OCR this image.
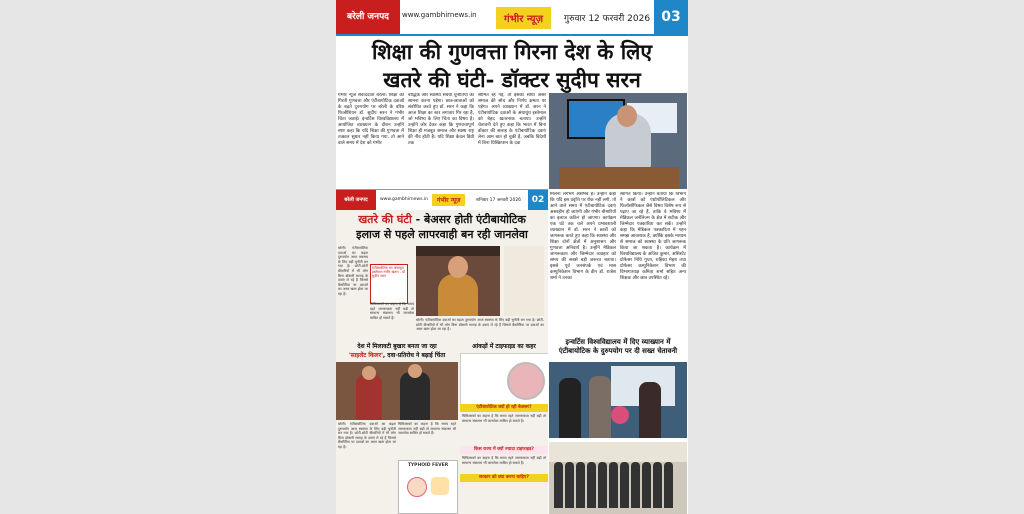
बरेली जनपद	www.gambhirnews.in	गंभीर न्यूज़	गुरुवार 12 फरवरी 2026 03
शिक्षा की गुणवत्ता गिरना देश के लिए
खतरे की घंटी- डॉक्टर सुदीप सरन
गंभीर न्यूज संवाददाता बरेली। शिक्षा की गिरती गुणवत्ता और एंटीबायोटिक दवाओं के बढ़ते दुरुपयोग पर बरेली के वरिष्ठ फिजीशियन डॉ. सुदीप सरन ने गंभीर चिंता जताई। इन्वर्टिस विश्वविद्यालय में आयोजित व्याख्यान के दौरान उन्होंने स्पष्ट कहा कि यदि शिक्षा की गुणवत्ता में तत्काल सुधार नहीं किया गया, तो आने वाले समय में देश को गंभीर
बौद्धिक और स्वास्थ्य संबंधी चुनौतियों का सामना करना पड़ेगा। छात्र-छात्राओं को संबोधित करते हुए डॉ. सरन ने कहा कि आज शिक्षा का स्तर लगातार गिर रहा है, जो भविष्य के लिए चिंता का विषय है। उन्होंने जोर देकर कहा कि गुणवत्तापूर्ण शिक्षा ही मजबूत समाज और स्वस्थ राष्ट्र की नींव होती है। यदि शिक्षा केवल डिग्री तक
सीमित रह गई, तो इसका सीधा असर समाज की सोच और निर्णय क्षमता पर पड़ेगा। अपने व्याख्यान में डॉ. सरन ने एंटीबायोटिक दवाओं के अंधाधुंध इस्तेमाल को बेहद खतरनाक बताया। उन्होंने चेतावनी देते हुए कहा कि भारत में बिना डॉक्टर की सलाह के एंटीबायोटिक दवाएं लेना आम बात हो चुकी है, जबकि विदेशों में बिना प्रिस्क्रिप्शन के दवा
बरेली जनपद	www.gambhirnews.in	गंभीर न्यूज़	शनिवार 17 जनवरी 2026	02
खतरे की घंटी - बेअसर होती एंटीबायोटिक
इलाज से पहले लापरवाही बन रही जानलेवा
बरेली। एंटीबायोटिक दवाओं का बढ़ता दुरुपयोग आज स्वास्थ्य के लिए बड़ी चुनौती बन गया है। छोटी-छोटी बीमारियों में भी लोग बिना डॉक्टरी सलाह के दवाएं ले रहे हैं जिससे बैक्टीरिया पर दवाओं का असर खत्म होता जा रहा है।
एंटीबायोटिक का अंधाधुंध इस्तेमाल गंभीर खतरा - डॉ सुदीप सरन
चिकित्सकों का कहना है कि समय रहते जागरूकता नहीं बढ़ी तो सामान्य संक्रमण भी जानलेवा साबित हो सकते हैं।
बरेली। एंटीबायोटिक दवाओं का बढ़ता दुरुपयोग आज स्वास्थ्य के लिए बड़ी चुनौती बन गया है। छोटी-छोटी बीमारियों में भी लोग बिना डॉक्टरी सलाह के दवाएं ले रहे हैं जिससे बैक्टीरिया पर दवाओं का असर खत्म होता जा रहा है।
देश में मिलावटी बुखार बनता जा रहा
'साइलेंट किलर', दवा-प्रतिरोध ने बढ़ाई चिंता
आंकड़ों में टाइफाइड का कहर
एंटीबायोटिक क्यों हो रही बेअसर?
चिकित्सकों का कहना है कि समय रहते जागरूकता नहीं बढ़ी तो सामान्य संक्रमण भी जानलेवा साबित हो सकते हैं।
किस राज्य में क्यों ज्यादा टाइफाइड?
चिकित्सकों का कहना है कि समय रहते जागरूकता नहीं बढ़ी तो सामान्य संक्रमण भी जानलेवा साबित हो सकते हैं।
सरकार को क्या करना चाहिए?
बरेली। एंटीबायोटिक दवाओं का बढ़ता दुरुपयोग आज स्वास्थ्य के लिए बड़ी चुनौती बन गया है। छोटी-छोटी बीमारियों में भी लोग बिना डॉक्टरी सलाह के दवाएं ले रहे हैं जिससे बैक्टीरिया पर दवाओं का असर खत्म होता जा रहा है।
चिकित्सकों का कहना है कि समय रहते जागरूकता नहीं बढ़ी तो सामान्य संक्रमण भी जानलेवा साबित हो सकते हैं।
TYPHOID FEVER
मिलना लगभग असंभव है। उन्होंने कहा कि यदि इस प्रवृत्ति पर रोक नहीं लगी, तो आने वाले समय में एंटीबायोटिक दवाएं असरहीन हो जाएंगी और गंभीर बीमारियों का इलाज कठिन हो जाएगा। कार्यक्रम एक घंटे तक चले अपने प्रभावशाली व्याख्यान में डॉ. सरन ने छात्रों को जागरूक करते हुए कहा कि स्वास्थ्य और शिक्षा दोनों क्षेत्रों में अनुशासन और गुणवत्ता अनिवार्य है। उन्होंने मेडिकल जागरूकता और जिम्मेदार व्यवहार को समय की सबसे बड़ी जरूरत बताया। इससे पूर्व जनसंपर्क एवं मास कम्युनिकेशन विभाग के डीन डॉ. राजेश शर्मा ने उनका
स्वागत किया। उन्होंने बताया कि विभाग ने छात्रों को एंथ्रोपॉलिटिकल और फिलॉसॉफिकल जैसे विषय विशेष रूप से पढ़ाए जा रहे हैं, ताकि वे भविष्य में मेडिकल जर्नलिज्म के क्षेत्र में सटीक और जिम्मेदार पत्रकारिता कर सकें। उन्होंने कहा कि मेडिकल पत्रकारिता में गहन समझ आवश्यक है, क्योंकि इसके माध्यम से समाज को स्वास्थ्य के प्रति जागरूक किया जा सकता है। कार्यक्रम में विश्वविद्यालय के अजित कुमार, असिस्टेंट प्रोफेसर निधि गुप्ता, राहिका मेहरा तथा प्रोफेसर कम्युनिकेशन विभाग की विभागाध्यक्ष कमिता शर्मा सहित अन्य शिक्षक और छात्र उपस्थित रहे।
इन्वर्टिस विश्वविद्यालय में दिए व्याख्यान में
एंटीबायोटिक के दुरुपयोग पर दी सख्त चेतावनी
